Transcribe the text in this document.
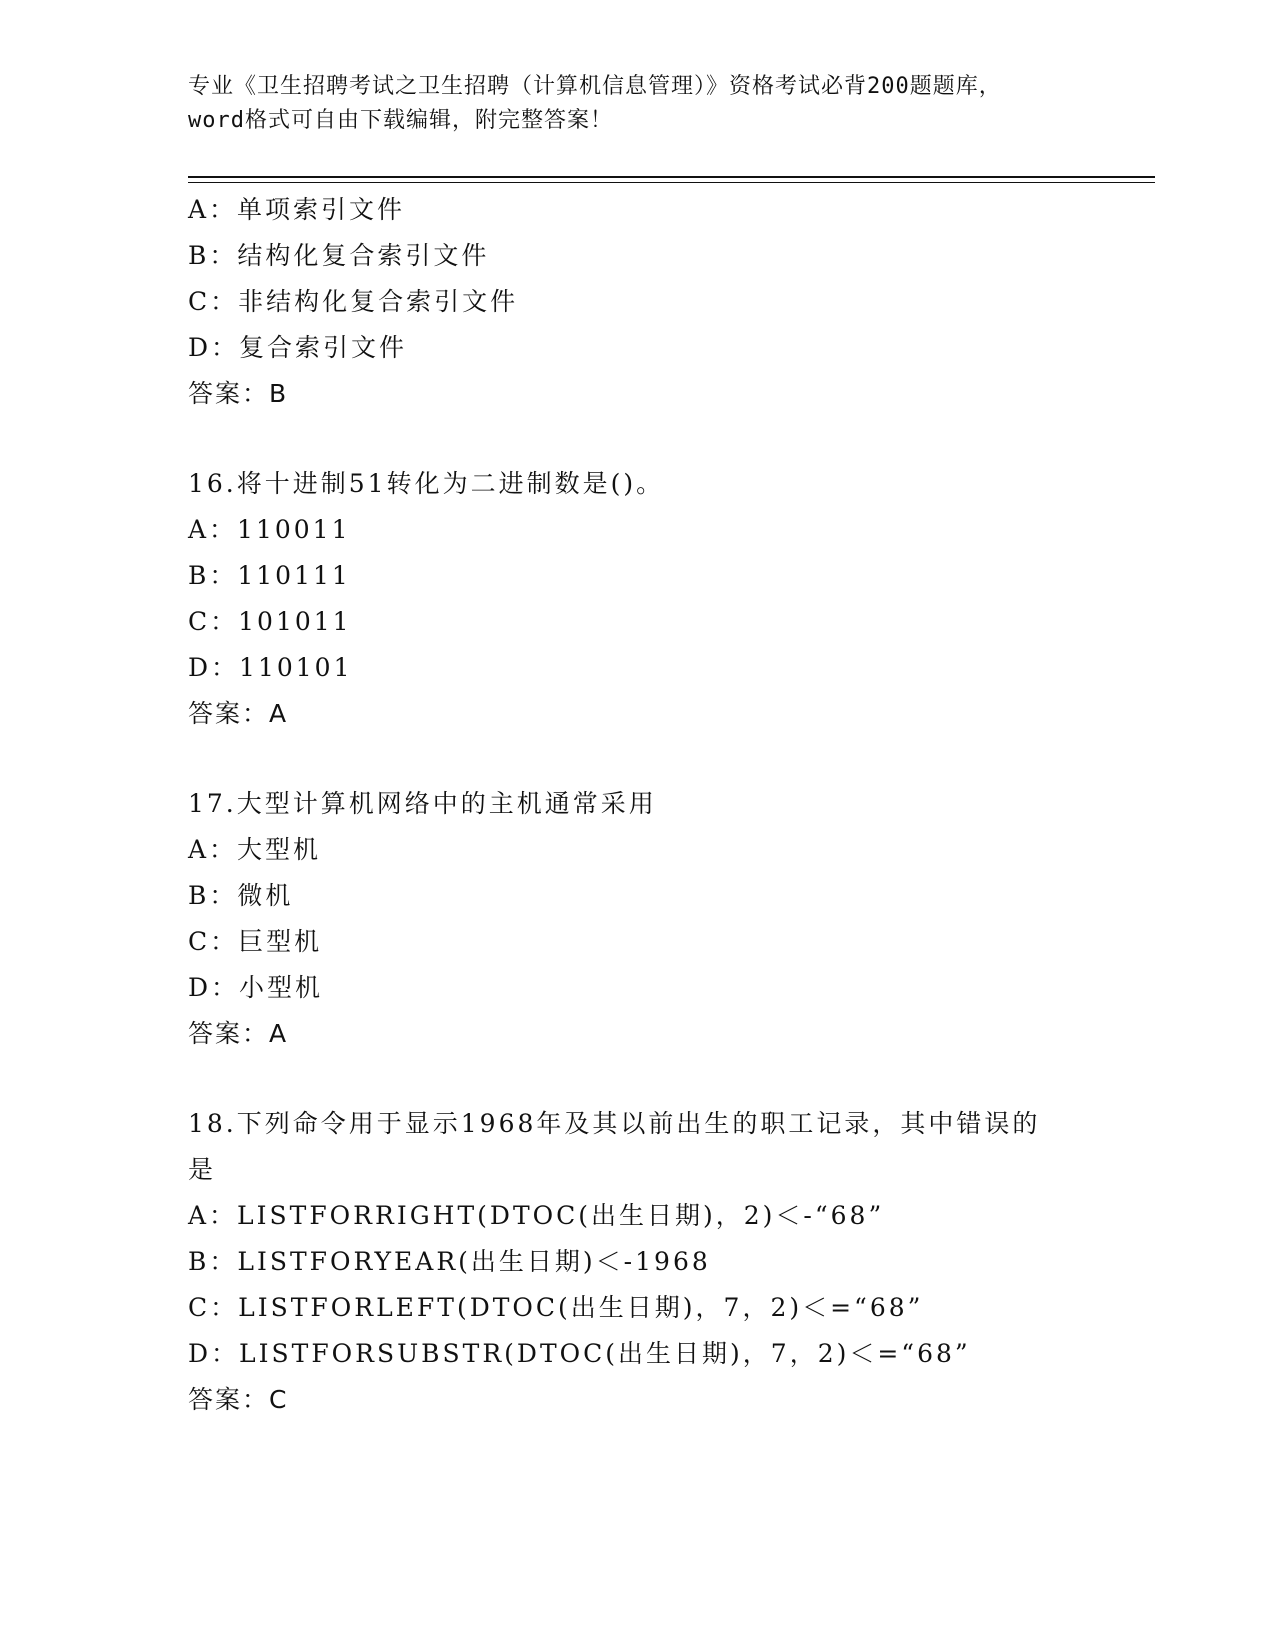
专业《卫生招聘考试之卫生招聘（计算机信息管理）》资格考试必背200题题库，
word格式可自由下载编辑，附完整答案！
A：单项索引文件
B：结构化复合索引文件
C：非结构化复合索引文件
D：复合索引文件
答案：B
16.将十进制51转化为二进制数是()。
A：110011
B：110111
C：101011
D：110101
答案：A
17.大型计算机网络中的主机通常采用
A：大型机
B：微机
C：巨型机
D：小型机
答案：A
18.下列命令用于显示1968年及其以前出生的职工记录，其中错误的
是
A：LISTFORRIGHT(DTOC(出生日期)，2)＜-“68”
B：LISTFORYEAR(出生日期)＜-1968
C：LISTFORLEFT(DTOC(出生日期)，7，2)＜=“68”
D：LISTFORSUBSTR(DTOC(出生日期)，7，2)＜=“68”
答案：C
